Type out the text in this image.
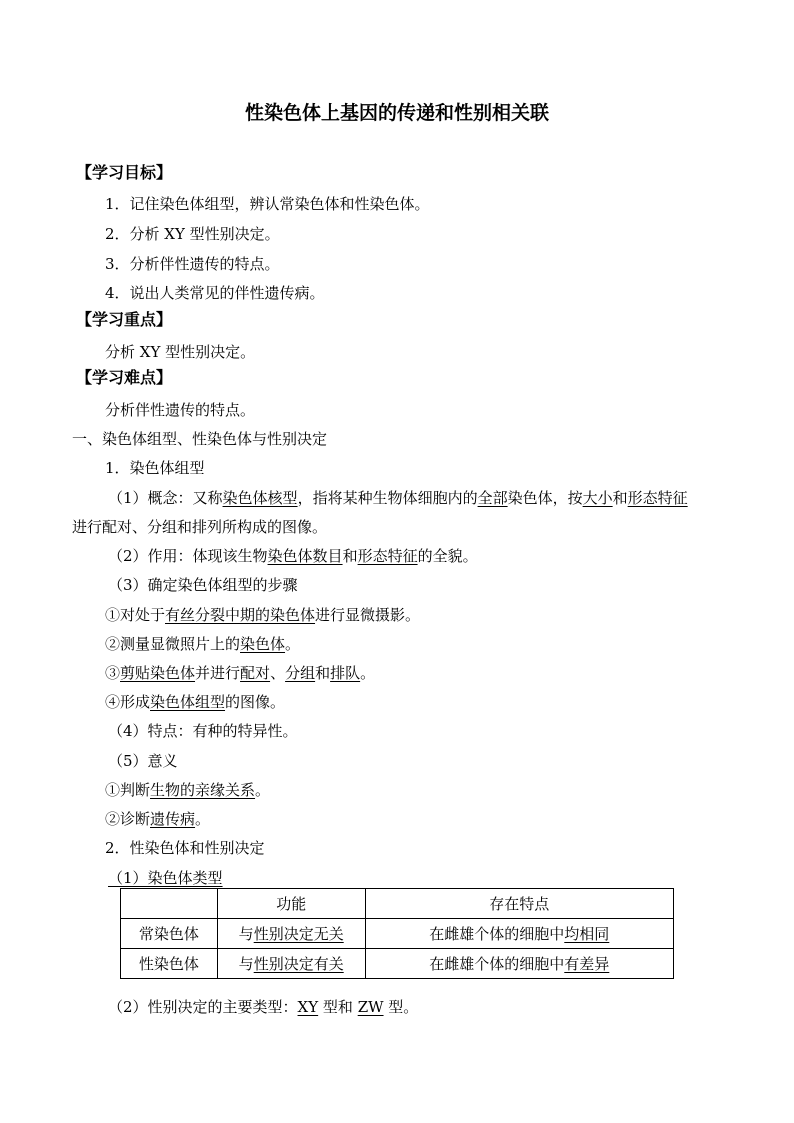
性染色体上基因的传递和性别相关联
【学习目标】
1．记住染色体组型，辨认常染色体和性染色体。
2．分析 XY 型性别决定。
3．分析伴性遗传的特点。
4．说出人类常见的伴性遗传病。
【学习重点】
分析 XY 型性别决定。
【学习难点】
分析伴性遗传的特点。
一、染色体组型、性染色体与性别决定
1．染色体组型
（1）概念：又称染色体核型，指将某种生物体细胞内的全部染色体，按大小和形态特征
进行配对、分组和排列所构成的图像。
（2）作用：体现该生物染色体数目和形态特征的全貌。
（3）确定染色体组型的步骤
①对处于有丝分裂中期的染色体进行显微摄影。
②测量显微照片上的染色体。
③剪贴染色体并进行配对、分组和排队。
④形成染色体组型的图像。
（4）特点：有种的特异性。
（5）意义
①判断生物的亲缘关系。
②诊断遗传病。
2．性染色体和性别决定
（1）染色体类型
	功能	存在特点
常染色体	与性别决定无关	在雌雄个体的细胞中均相同
性染色体	与性别决定有关	在雌雄个体的细胞中有差异
（2）性别决定的主要类型：XY 型和 ZW 型。
